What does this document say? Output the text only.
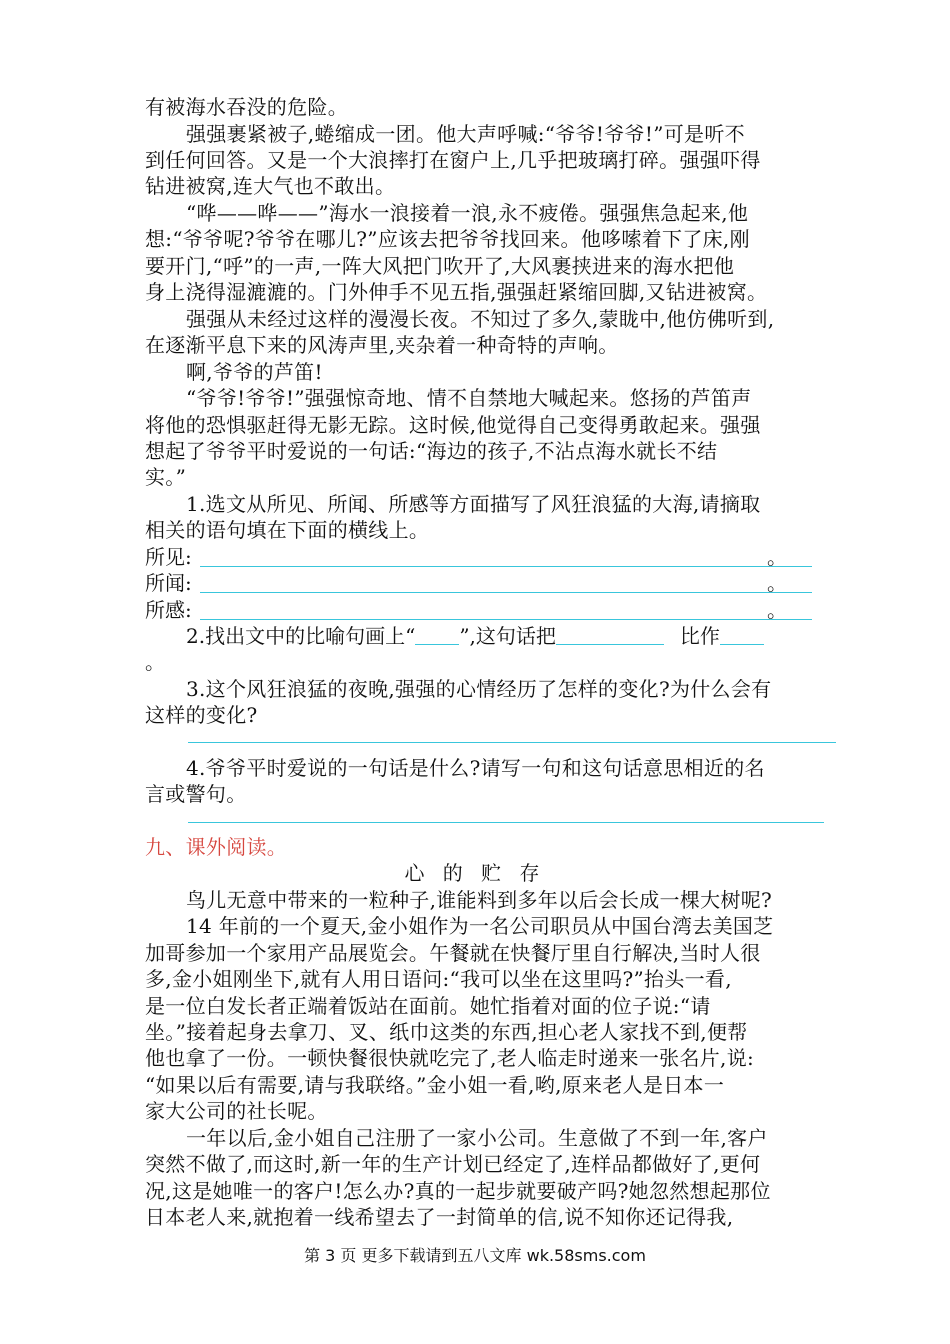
有被海水吞没的危险。
强强裹紧被子,蜷缩成一团。他大声呼喊:“爷爷!爷爷!”可是听不
到任何回答。又是一个大浪摔打在窗户上,几乎把玻璃打碎。强强吓得
钻进被窝,连大气也不敢出。
“哗——哗——”海水一浪接着一浪,永不疲倦。强强焦急起来,他
想:“爷爷呢?爷爷在哪儿?”应该去把爷爷找回来。他哆嗦着下了床,刚
要开门,“呼”的一声,一阵大风把门吹开了,大风裹挟进来的海水把他
身上浇得湿漉漉的。门外伸手不见五指,强强赶紧缩回脚,又钻进被窝。
强强从未经过这样的漫漫长夜。不知过了多久,蒙眬中,他仿佛听到,
在逐渐平息下来的风涛声里,夹杂着一种奇特的声响。
啊,爷爷的芦笛!
“爷爷!爷爷!”强强惊奇地、情不自禁地大喊起来。悠扬的芦笛声
将他的恐惧驱赶得无影无踪。这时候,他觉得自己变得勇敢起来。强强
想起了爷爷平时爱说的一句话:“海边的孩子,不沾点海水就长不结
实。”
1.选文从所见、所闻、所感等方面描写了风狂浪猛的大海,请摘取
相关的语句填在下面的横线上。
所见:	。
所闻:	。
所感:	。
2.找出文中的比喻句画上“ ”,这句话把	比作
。
3.这个风狂浪猛的夜晚,强强的心情经历了怎样的变化?为什么会有
这样的变化?
4.爷爷平时爱说的一句话是什么?请写一句和这句话意思相近的名
言或警句。
九、课外阅读。
心 的 贮 存
鸟儿无意中带来的一粒种子,谁能料到多年以后会长成一棵大树呢?
14 年前的一个夏天,金小姐作为一名公司职员从中国台湾去美国芝
加哥参加一个家用产品展览会。午餐就在快餐厅里自行解决,当时人很
多,金小姐刚坐下,就有人用日语问:“我可以坐在这里吗?”抬头一看,
是一位白发长者正端着饭站在面前。她忙指着对面的位子说:“请
坐。”接着起身去拿刀、叉、纸巾这类的东西,担心老人家找不到,便帮
他也拿了一份。一顿快餐很快就吃完了,老人临走时递来一张名片,说:
“如果以后有需要,请与我联络。”金小姐一看,哟,原来老人是日本一
家大公司的社长呢。
一年以后,金小姐自己注册了一家小公司。生意做了不到一年,客户
突然不做了,而这时,新一年的生产计划已经定了,连样品都做好了,更何
况,这是她唯一的客户!怎么办?真的一起步就要破产吗?她忽然想起那位
日本老人来,就抱着一线希望去了一封简单的信,说不知你还记得我,
第 3 页 更多下载请到五八文库 wk.58sms.com
